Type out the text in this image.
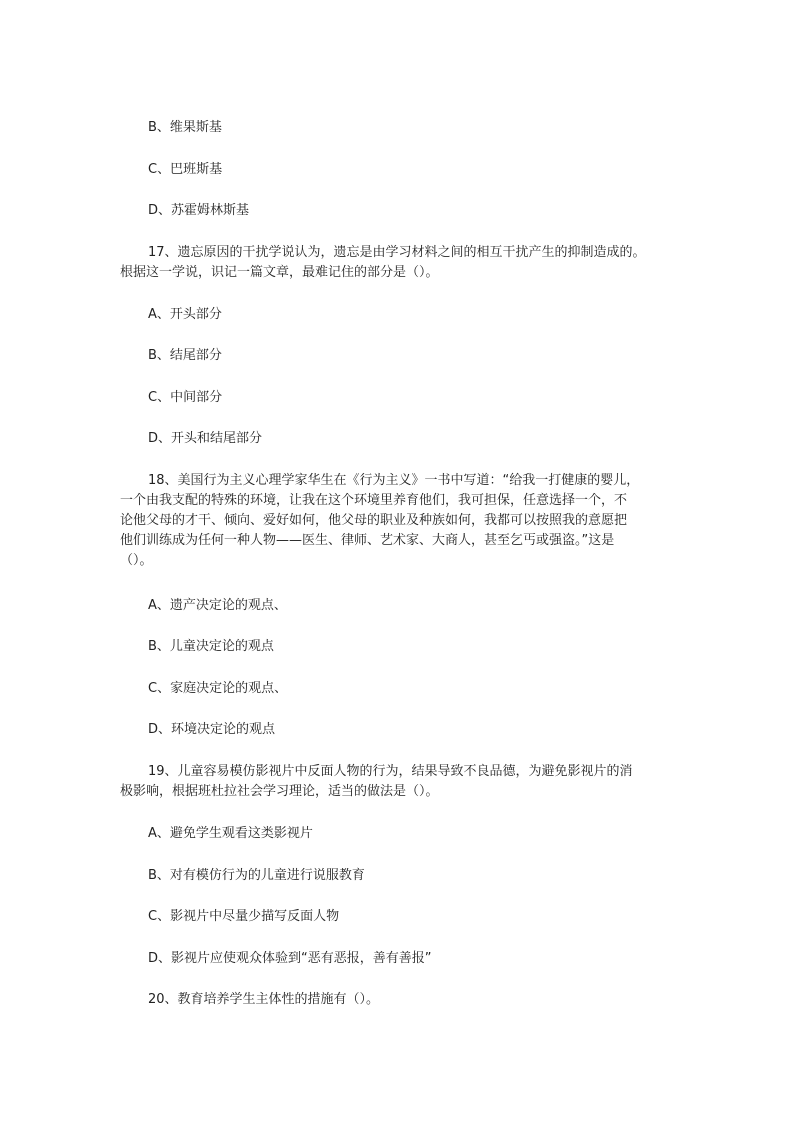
B、维果斯基

C、巴班斯基

D、苏霍姆林斯基

17、遗忘原因的干扰学说认为，遗忘是由学习材料之间的相互干扰产生的抑制造成的。
根据这一学说，识记一篇文章，最难记住的部分是（）。

A、开头部分

B、结尾部分

C、中间部分

D、开头和结尾部分

18、美国行为主义心理学家华生在《行为主义》一书中写道：“给我一打健康的婴儿，
一个由我支配的特殊的环境，让我在这个环境里养育他们，我可担保，任意选择一个，不
论他父母的才干、倾向、爱好如何，他父母的职业及种族如何，我都可以按照我的意愿把
他们训练成为任何一种人物——医生、律师、艺术家、大商人，甚至乞丐或强盗。”这是
（）。

A、遗产决定论的观点、

B、儿童决定论的观点

C、家庭决定论的观点、

D、环境决定论的观点

19、儿童容易模仿影视片中反面人物的行为，结果导致不良品德，为避免影视片的消
极影响，根据班杜拉社会学习理论，适当的做法是（）。

A、避免学生观看这类影视片

B、对有模仿行为的儿童进行说服教育

C、影视片中尽量少描写反面人物

D、影视片应使观众体验到“恶有恶报，善有善报”

20、教育培养学生主体性的措施有（）。
